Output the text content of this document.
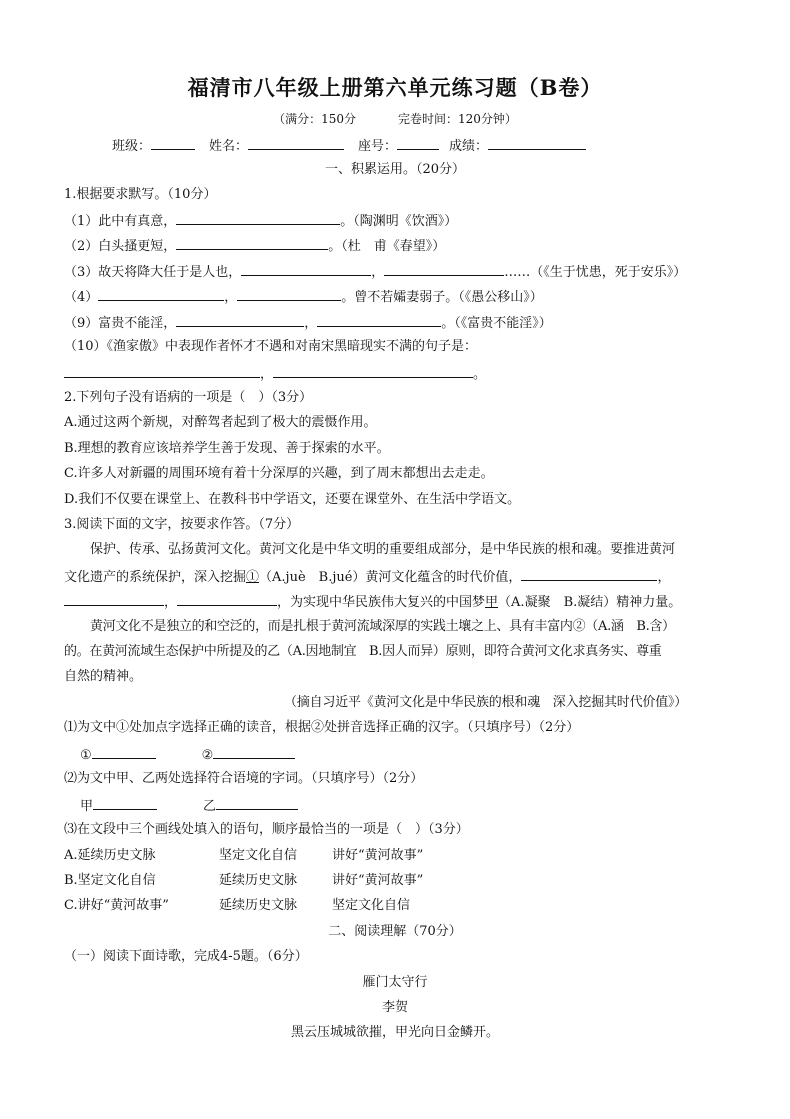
福清市八年级上册第六单元练习题（B卷）
（满分：150分	完卷时间：120分钟）
班级：	姓名：	座号：	成绩：
一、积累运用。（20分）
1.根据要求默写。（10分）
（1）此中有真意，	。（陶渊明《饮酒》）
（2）白头搔更短，	。（杜　甫《春望》）
（3）故天将降大任于是人也，	，	……（《生于忧患，死于安乐》）
（4）	，	。曾不若孀妻弱子。（《愚公移山》）
（9）富贵不能淫，	，	。（《富贵不能淫》）
（10）《渔家傲》中表现作者怀才不遇和对南宋黑暗现实不满的句子是：
，	。
2.下列句子没有语病的一项是（　）（3分）
A.通过这两个新规，对醉驾者起到了极大的震慑作用。
B.理想的教育应该培养学生善于发现、善于探索的水平。
C.许多人对新疆的周围环境有着十分深厚的兴趣，到了周末都想出去走走。
D.我们不仅要在课堂上、在教科书中学语文，还要在课堂外、在生活中学语文。
3.阅读下面的文字，按要求作答。（7分）
保护、传承、弘扬黄河文化。黄河文化是中华文明的重要组成部分，是中华民族的根和魂。要推进黄河
文化遗产的系统保护，深入挖掘①（A.juè　B.jué）黄河文化蕴含的时代价值，	，
，	，为实现中华民族伟大复兴的中国梦甲（A.凝聚　B.凝结）精神力量。
黄河文化不是独立的和空泛的，而是扎根于黄河流域深厚的实践土壤之上、具有丰富内②（A.涵　B.含）
的。在黄河流域生态保护中所提及的乙（A.因地制宜　B.因人而异）原则，即符合黄河文化求真务实、尊重
自然的精神。
（摘自习近平《黄河文化是中华民族的根和魂　深入挖掘其时代价值》）
⑴为文中①处加点字选择正确的读音，根据②处拼音选择正确的汉字。（只填序号）（2分）
①	②
⑵为文中甲、乙两处选择符合语境的字词。（只填序号）（2分）
甲	乙
⑶在文段中三个画线处填入的语句，顺序最恰当的一项是（　）（3分）
A.延续历史文脉	坚定文化自信	讲好“黄河故事”
B.坚定文化自信	延续历史文脉	讲好“黄河故事”
C.讲好“黄河故事”	延续历史文脉	坚定文化自信
二、阅读理解（70分）
（一）阅读下面诗歌，完成4-5题。（6分）
雁门太守行
李贺
黑云压城城欲摧，甲光向日金鳞开。
